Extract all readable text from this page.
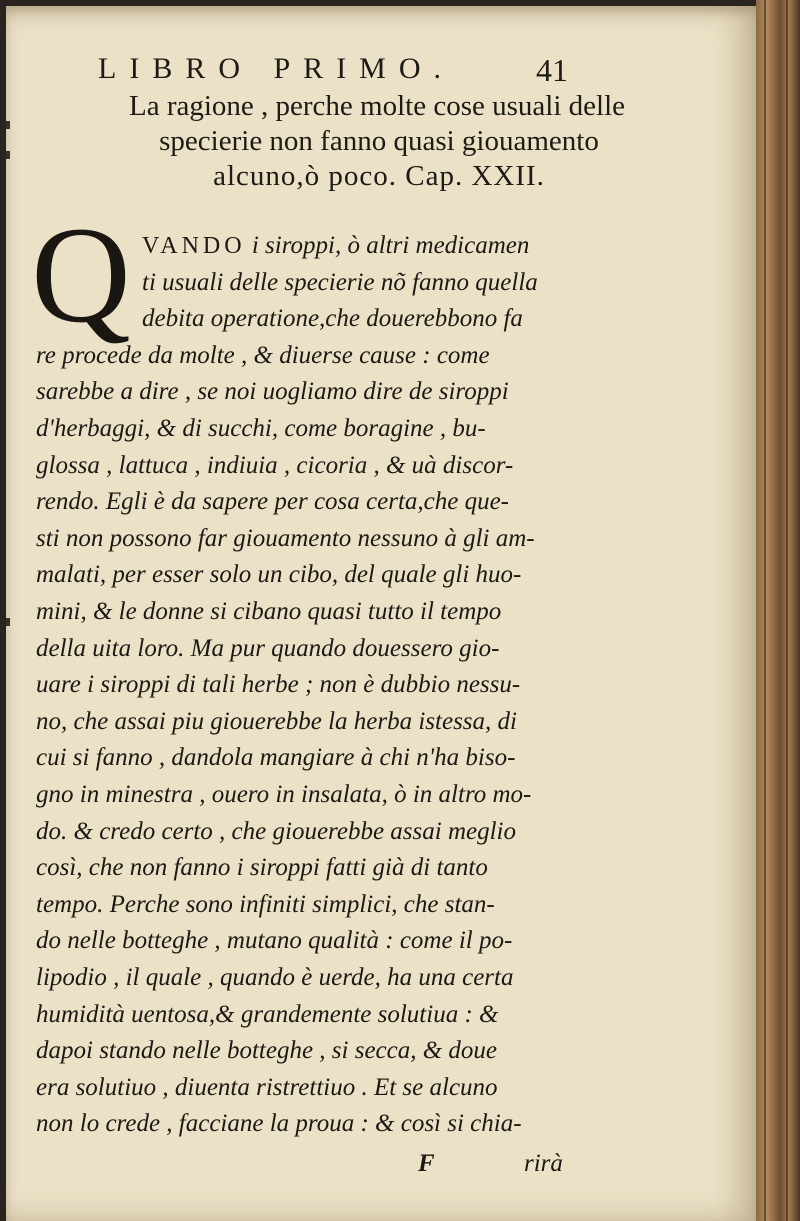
LIBRO PRIMO.	41
La ragione , perche molte cose usuali delle
specierie non fanno quasi giouamento
alcuno,ò poco. Cap. XXII.
Q VANDO i siroppi, ò altri medicamen
ti usuali delle specierie nõ fanno quella
debita operatione,che douerebbono fa
re procede da molte , & diuerse cause : come
sarebbe a dire , se noi uogliamo dire de siroppi
d'herbaggi, & di succhi, come boragine , bu-
glossa , lattuca , indiuia , cicoria , & uà discor-
rendo. Egli è da sapere per cosa certa,che que-
sti non possono far giouamento nessuno à gli am-
malati, per esser solo un cibo, del quale gli huo-
mini, & le donne si cibano quasi tutto il tempo
della uita loro. Ma pur quando douessero gio-
uare i siroppi di tali herbe ; non è dubbio nessu-
no, che assai piu giouerebbe la herba istessa, di
cui si fanno , dandola mangiare à chi n'ha biso-
gno in minestra , ouero in insalata, ò in altro mo-
do. & credo certo , che giouerebbe assai meglio
così, che non fanno i siroppi fatti già di tanto
tempo. Perche sono infiniti simplici, che stan-
do nelle botteghe , mutano qualità : come il po-
lipodio , il quale , quando è uerde, ha una certa
humidità uentosa,& grandemente solutiua : &
dapoi stando nelle botteghe , si secca, & doue
era solutiuo , diuenta ristrettiuo . Et se alcuno
non lo crede , facciane la proua : & così si chia-
F	rirà
